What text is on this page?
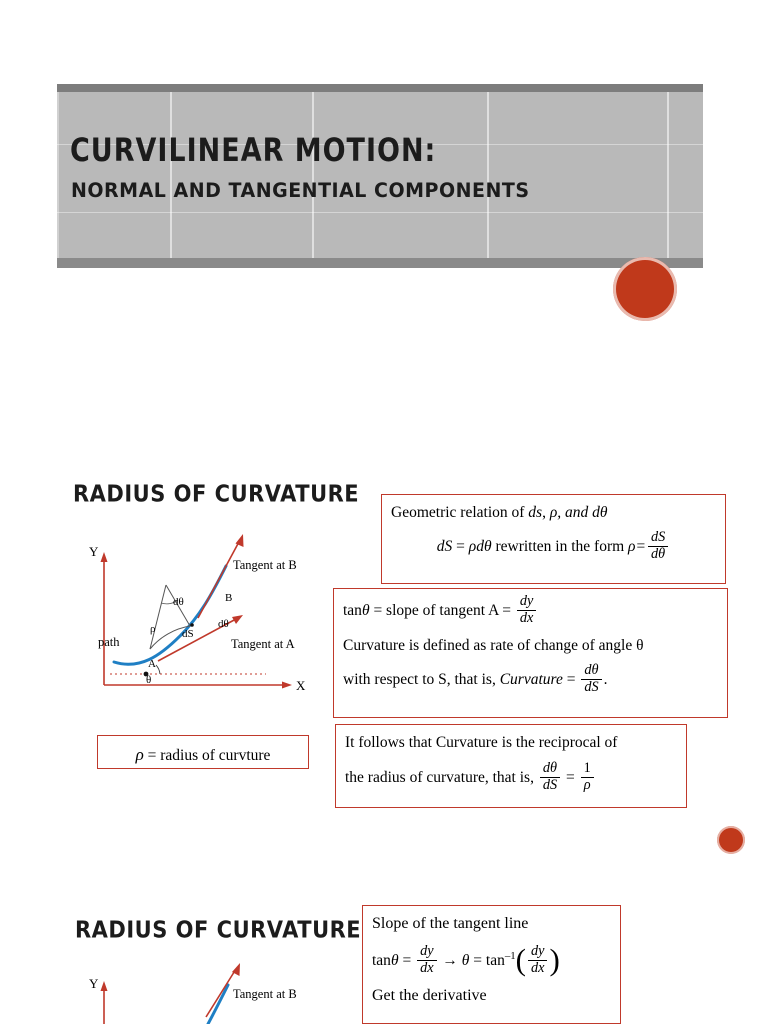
CURVILINEAR MOTION:
NORMAL AND TANGENTIAL COMPONENTS
RADIUS OF CURVATURE
Y
X
path
Tangent at B
Tangent at A
dθ
dθ
ρ dS
A
B
θ
Geometric relation of ds, ρ, and dθ
dS = ρdθ rewritten in the form $\rho= \frac{dS}{d\theta}$
tanθ = slope of tangent $A = \frac{dy}{dx}$
Curvature is defined as rate of change of angle θ
with respect to S, that is, Curvature = $\frac{d\theta}{dS}$ .
It follows that Curvature is the reciprocal of
the radius of curvature, that is, $\frac{d\theta}{dS} = \frac{1}{\rho}$
ρ = radius of curvture
RADIUS OF CURVATURE
Y
Tangent at B
Slope of the tangent line
$\tan\theta = \frac{dy}{dx} \to \theta = \tan^{-1}( \frac{dy}{dx}$ )
Get the derivative
